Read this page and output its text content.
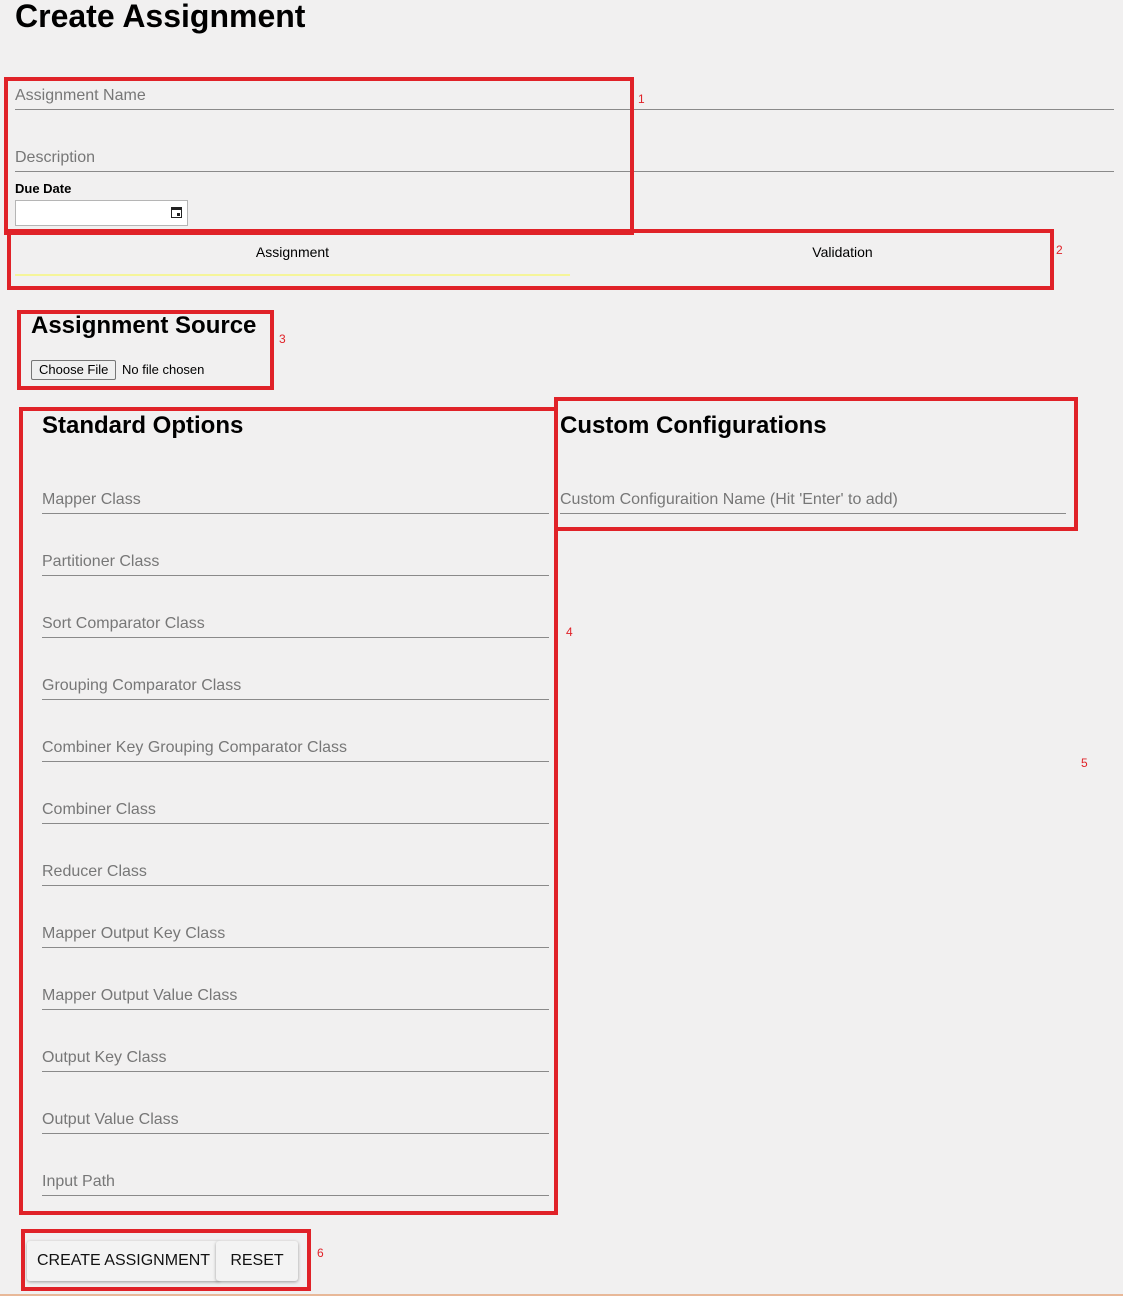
Create Assignment
Assignment Name
Description
Due Date
Assignment	Validation
Assignment Source
Choose File	No file chosen
Standard Options
Mapper Class
Partitioner Class
Sort Comparator Class
Grouping Comparator Class
Combiner Key Grouping Comparator Class
Combiner Class
Reducer Class
Mapper Output Key Class
Mapper Output Value Class
Output Key Class
Output Value Class
Input Path	Custom Configurations
Custom Configuraition Name (Hit 'Enter' to add)
CREATE ASSIGNMENT	RESET
1
2
3
4
5
6
